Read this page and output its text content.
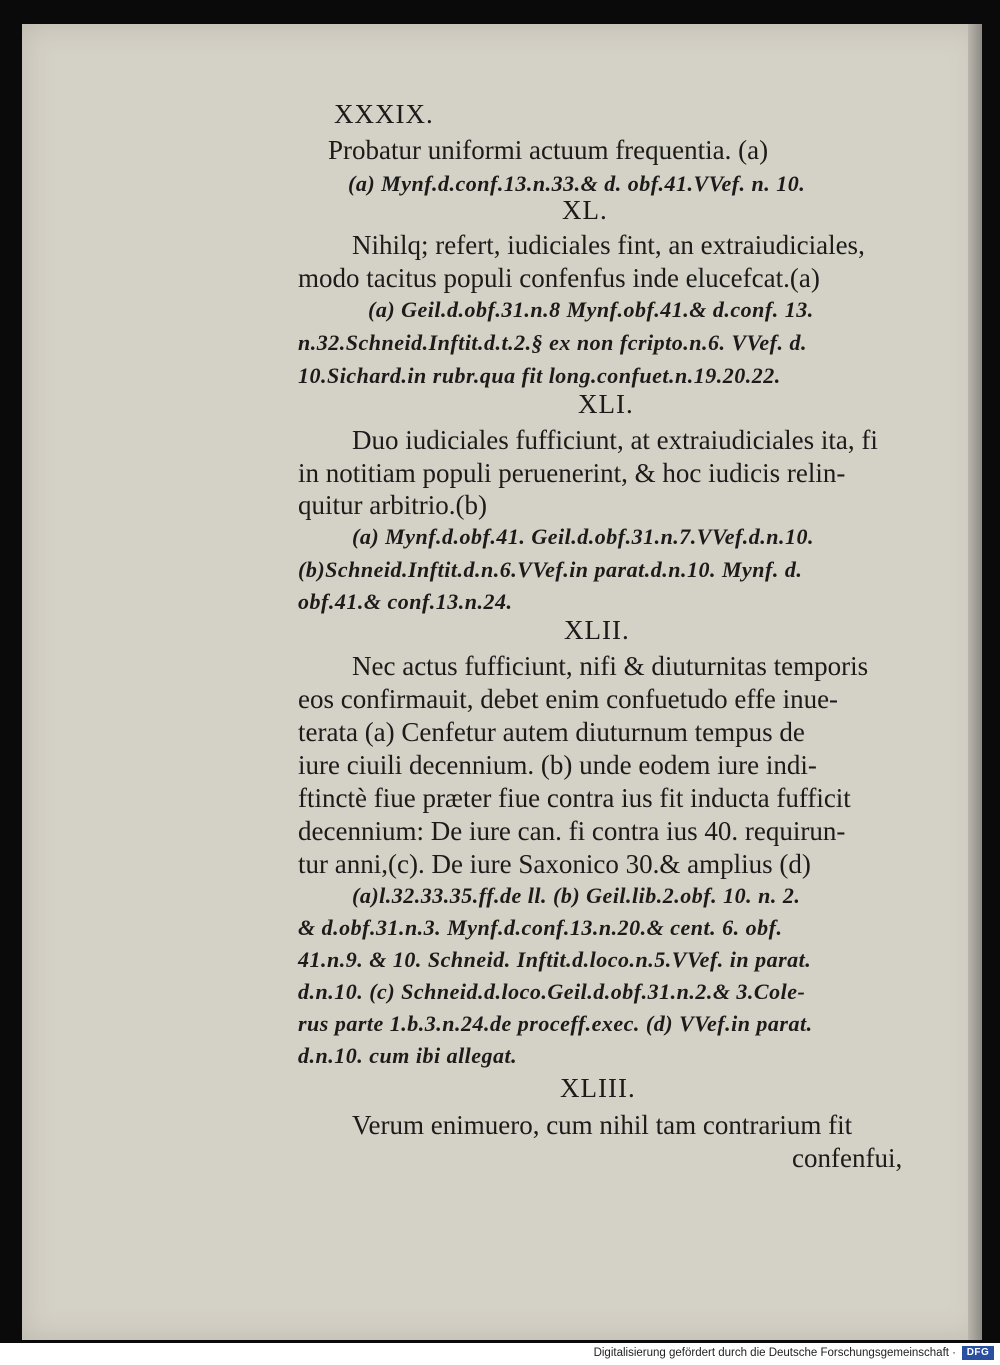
XXXIX.
Probatur uniformi actuum frequentia. (a)
(a) Mynf.d.conf.13.n.33.& d. obf.41.VVef. n. 10.
XL.
Nihilq; refert, iudiciales fint, an extraiudiciales,
modo tacitus populi confenfus inde elucefcat.(a)
(a) Geil.d.obf.31.n.8 Mynf.obf.41.& d.conf. 13.
n.32.Schneid.Inftit.d.t.2.§ ex non fcripto.n.6. VVef. d.
10.Sichard.in rubr.qua fit long.confuet.n.19.20.22.
XLI.
Duo iudiciales fufficiunt, at extraiudiciales ita, fi
in notitiam populi peruenerint, & hoc iudicis relin-
quitur arbitrio.(b)
(a) Mynf.d.obf.41. Geil.d.obf.31.n.7.VVef.d.n.10.
(b)Schneid.Inftit.d.n.6.VVef.in parat.d.n.10. Mynf. d.
obf.41.& conf.13.n.24.
XLII.
Nec actus fufficiunt, nifi & diuturnitas temporis
eos confirmauit, debet enim confuetudo effe inue-
terata (a) Cenfetur autem diuturnum tempus de
iure ciuili decennium. (b) unde eodem iure indi-
ftinctè fiue præter fiue contra ius fit inducta fufficit
decennium: De iure can. fi contra ius 40. requirun-
tur anni,(c). De iure Saxonico 30.& amplius (d)
(a)l.32.33.35.ff.de ll. (b) Geil.lib.2.obf. 10. n. 2.
& d.obf.31.n.3. Mynf.d.conf.13.n.20.& cent. 6. obf.
41.n.9. & 10. Schneid. Inftit.d.loco.n.5.VVef. in parat.
d.n.10. (c) Schneid.d.loco.Geil.d.obf.31.n.2.& 3.Cole-
rus parte 1.b.3.n.24.de proceff.exec. (d) VVef.in parat.
d.n.10. cum ibi allegat.
XLIII.
Verum enimuero, cum nihil tam contrarium fit
confenfui,
Digitalisierung gefördert durch die Deutsche Forschungsgemeinschaft ·	DFG
